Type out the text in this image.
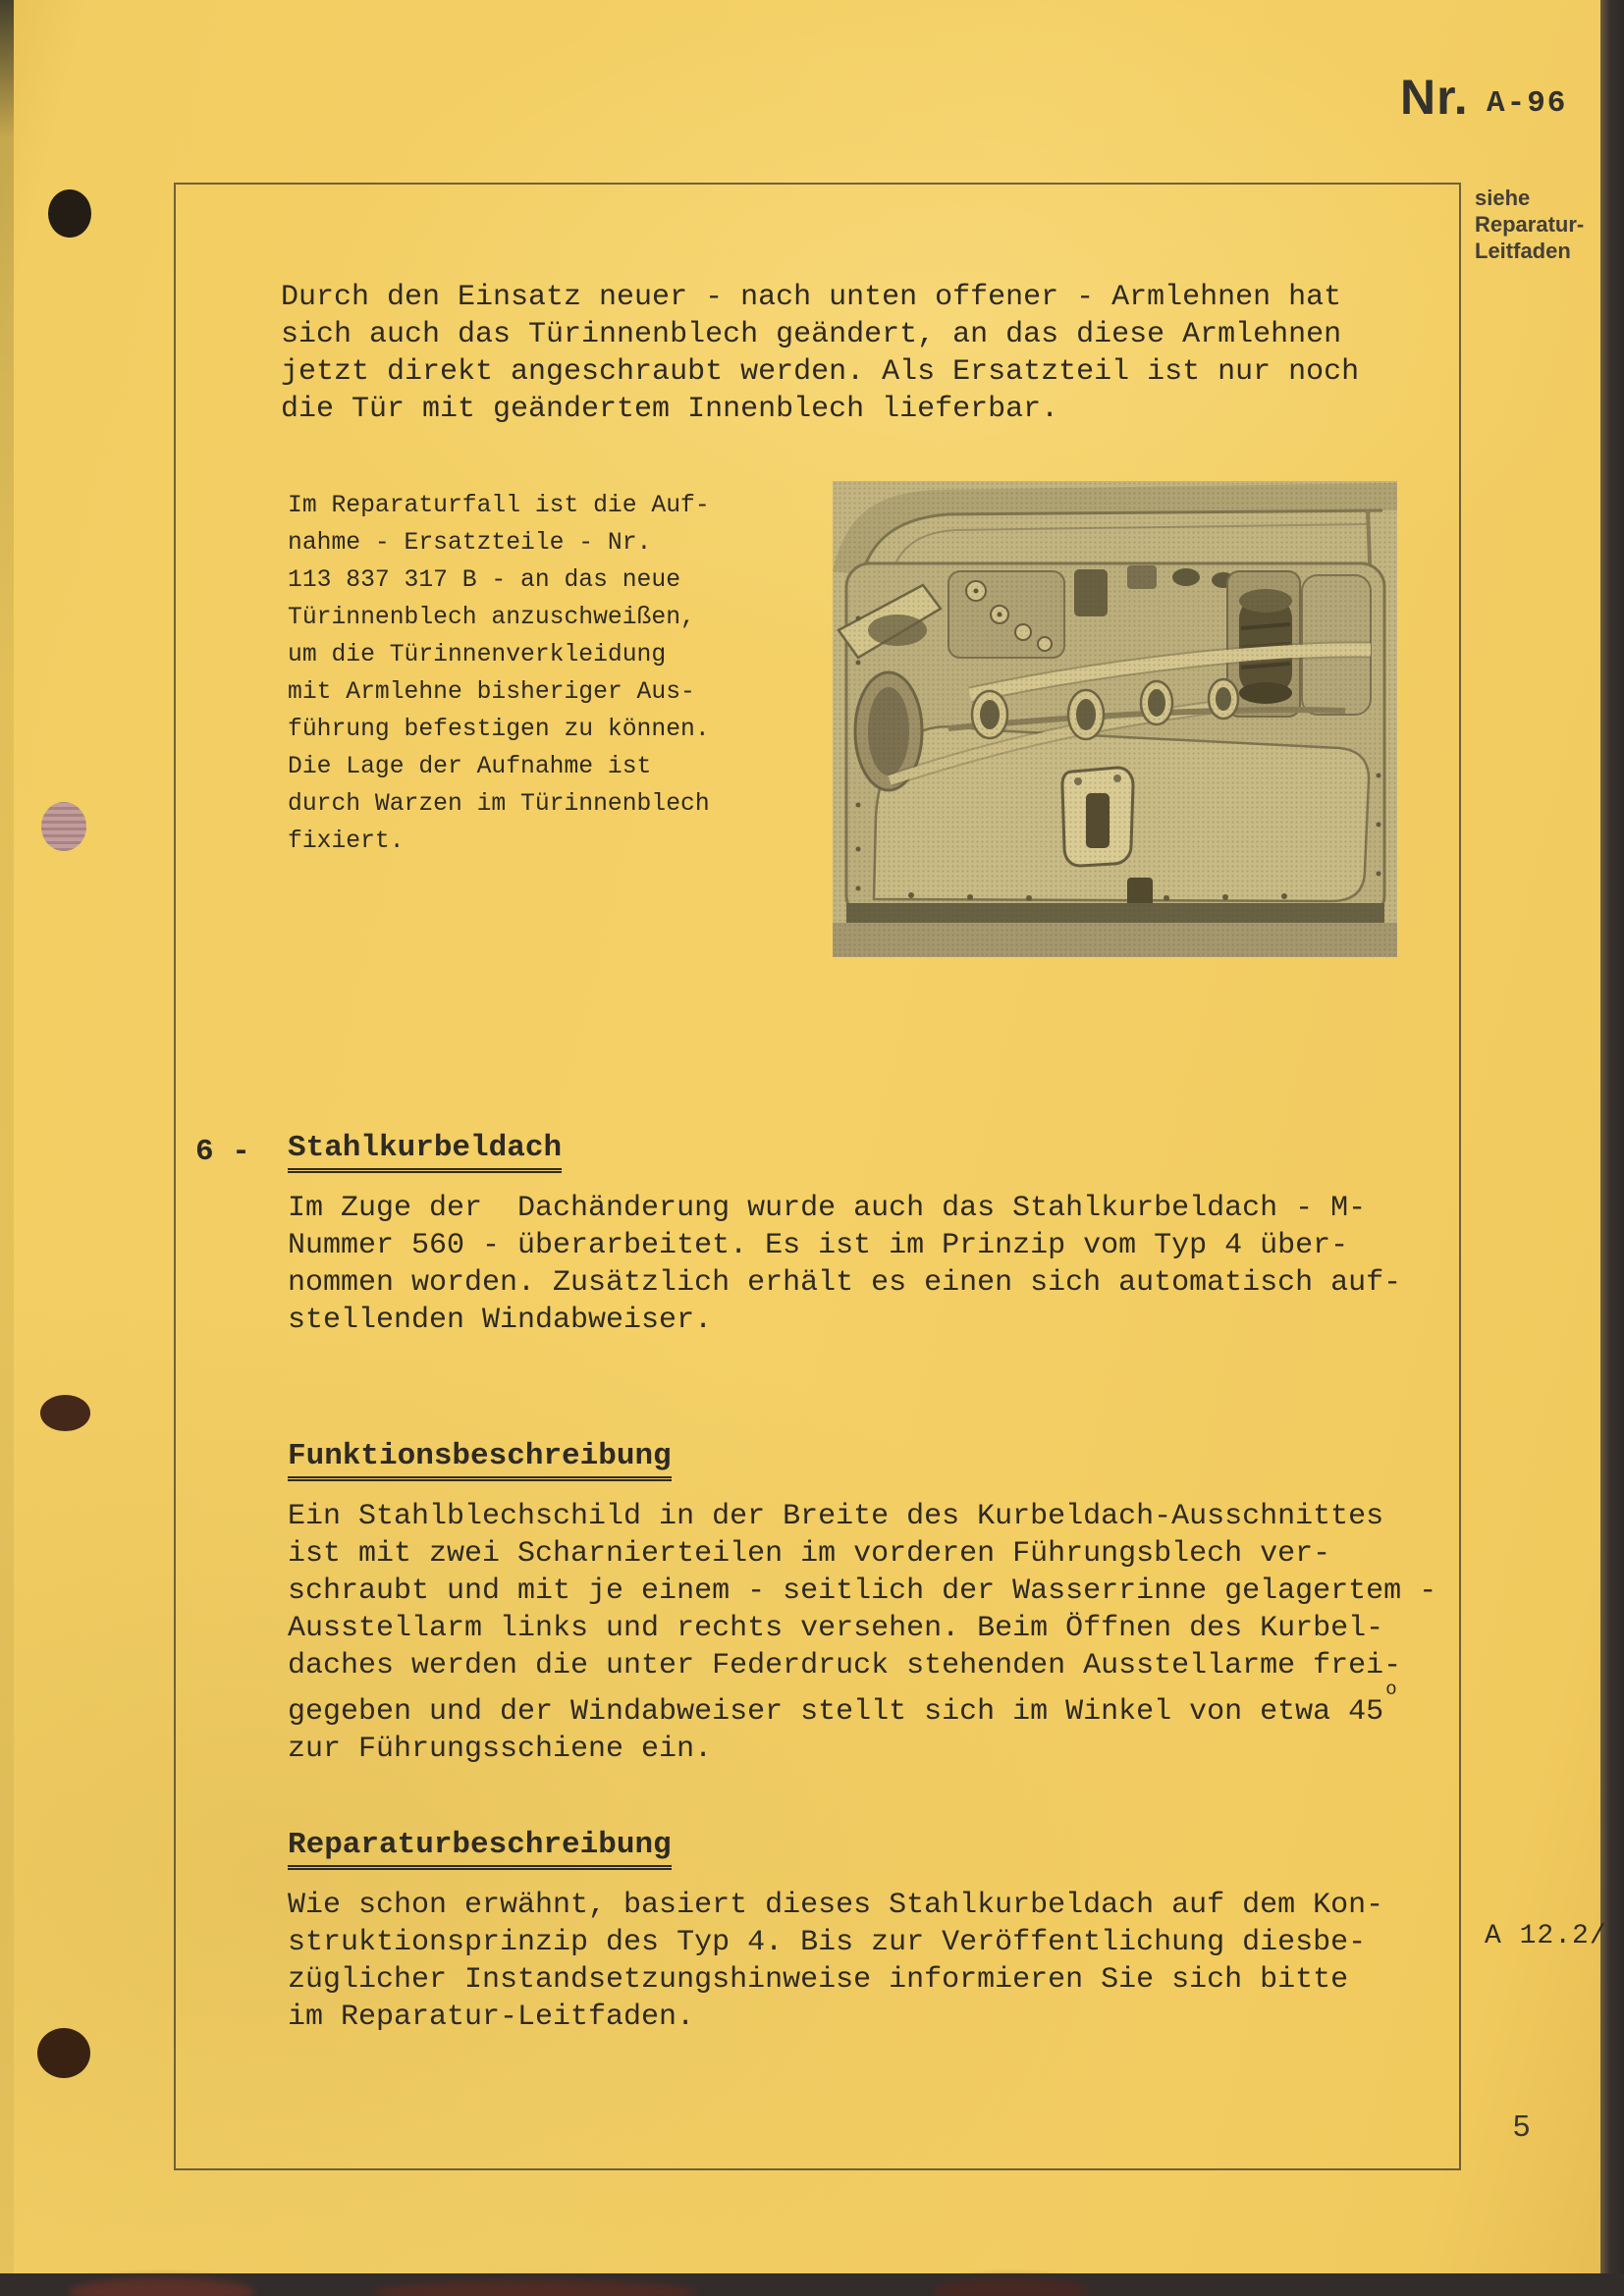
Nr. A-96
siehe
Reparatur-
Leitfaden
Durch den Einsatz neuer - nach unten offener - Armlehnen hat
sich auch das Türinnenblech geändert, an das diese Armlehnen
jetzt direkt angeschraubt werden. Als Ersatzteil ist nur noch
die Tür mit geändertem Innenblech lieferbar.
Im Reparaturfall ist die Auf-
nahme - Ersatzteile - Nr.
113 837 317 B - an das neue
Türinnenblech anzuschweißen,
um die Türinnenverkleidung
mit Armlehne bisheriger Aus-
führung befestigen zu können.
Die Lage der Aufnahme ist
durch Warzen im Türinnenblech
fixiert.
6 - Stahlkurbeldach
Im Zuge der  Dachänderung wurde auch das Stahlkurbeldach - M-
Nummer 560 - überarbeitet. Es ist im Prinzip vom Typ 4 über-
nommen worden. Zusätzlich erhält es einen sich automatisch auf-
stellenden Windabweiser.
Funktionsbeschreibung
Ein Stahlblechschild in der Breite des Kurbeldach-Ausschnittes
ist mit zwei Scharnierteilen im vorderen Führungsblech ver-
schraubt und mit je einem - seitlich der Wasserrinne gelagertem -
Ausstellarm links und rechts versehen. Beim Öffnen des Kurbel-
daches werden die unter Federdruck stehenden Ausstellarme frei-
gegeben und der Windabweiser stellt sich im Winkel von etwa 45$^o$
zur Führungsschiene ein.
Reparaturbeschreibung
Wie schon erwähnt, basiert dieses Stahlkurbeldach auf dem Kon-
struktionsprinzip des Typ 4. Bis zur Veröffentlichung diesbe-
züglicher Instandsetzungshinweise informieren Sie sich bitte
im Reparatur-Leitfaden.
A 12.2/
5
